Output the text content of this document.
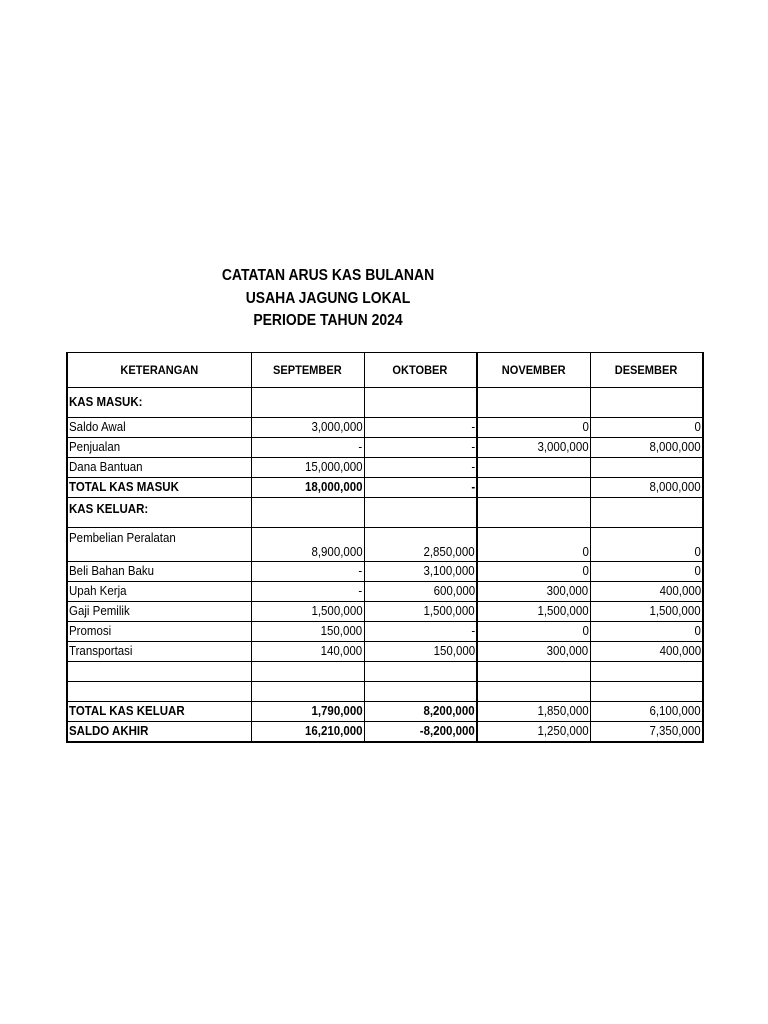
CATATAN ARUS KAS BULANAN
USAHA JAGUNG LOKAL
PERIODE TAHUN 2024
KETERANGAN	SEPTEMBER	OKTOBER	NOVEMBER	DESEMBER
KAS MASUK:				
Saldo Awal	3,000,000	-	0	0
Penjualan	-	-	3,000,000	8,000,000
Dana Bantuan	15,000,000	-		
TOTAL KAS MASUK	18,000,000	-		8,000,000
KAS KELUAR:				
Pembelian Peralatan	8,900,000	2,850,000	0	0
Beli Bahan Baku	-	3,100,000	0	0
Upah Kerja	-	600,000	300,000	400,000
Gaji Pemilik	1,500,000	1,500,000	1,500,000	1,500,000
Promosi	150,000	-	0	0
Transportasi	140,000	150,000	300,000	400,000

TOTAL KAS KELUAR	1,790,000	8,200,000	1,850,000	6,100,000
SALDO AKHIR	16,210,000	-8,200,000	1,250,000	7,350,000
